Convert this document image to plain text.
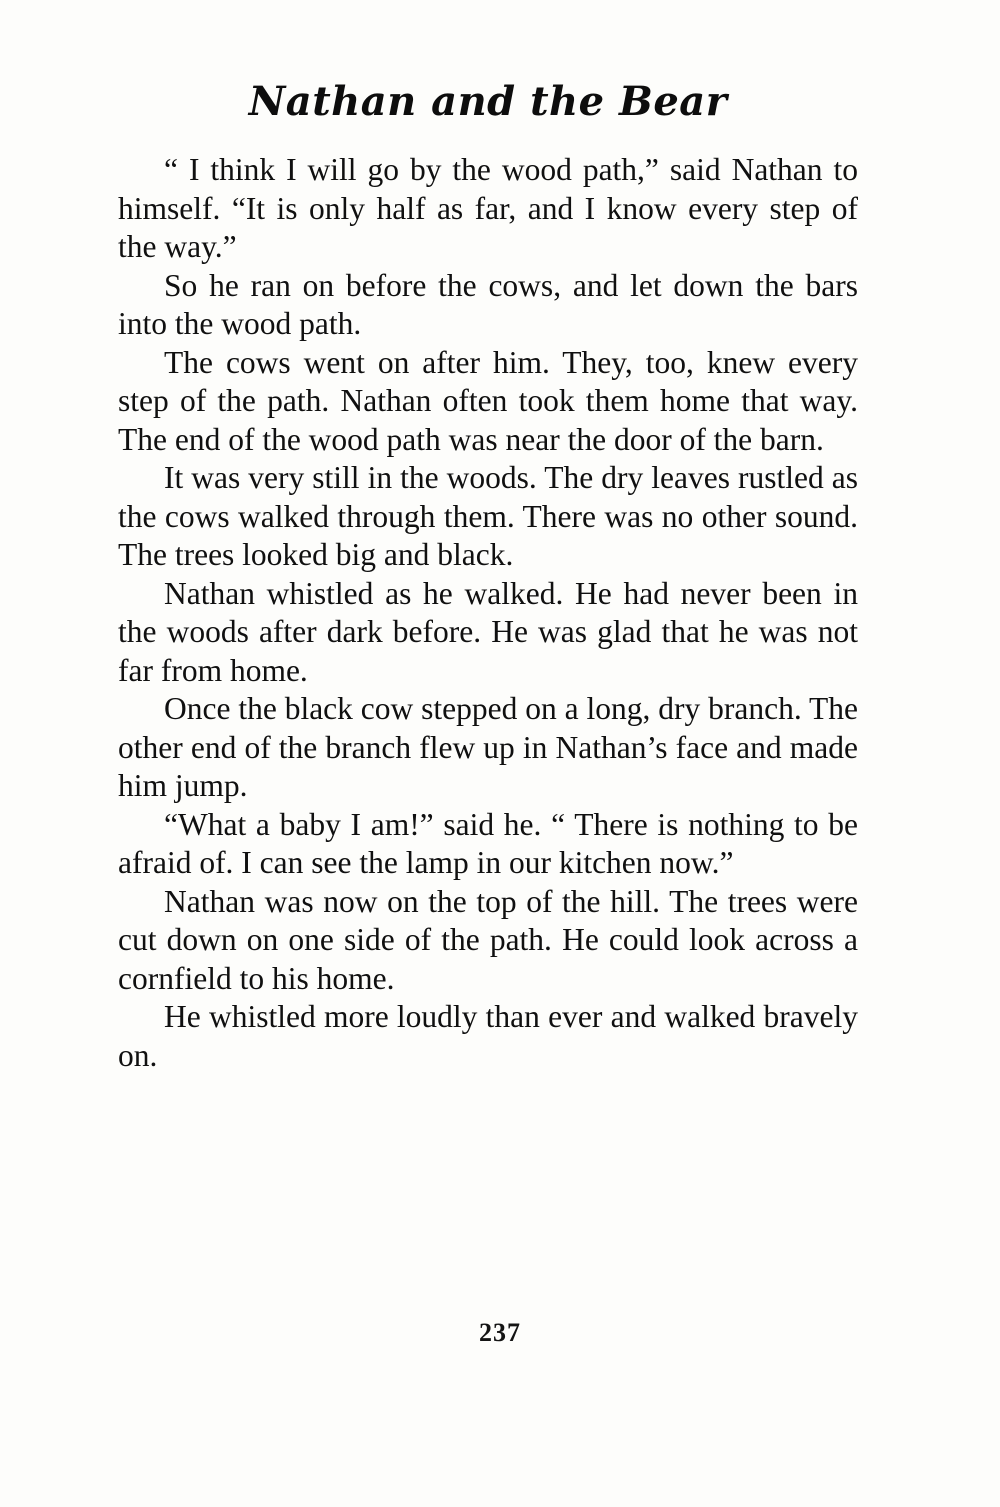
Nathan and the Bear

“ I think I will go by the wood path,” said Nathan to himself. “It is only half as far, and I know every step of the way.”

So he ran on before the cows, and let down the bars into the wood path.

The cows went on after him. They, too, knew every step of the path. Nathan often took them home that way. The end of the wood path was near the door of the barn.

It was very still in the woods. The dry leaves rustled as the cows walked through them. There was no other sound. The trees looked big and black.

Nathan whistled as he walked. He had never been in the woods after dark before. He was glad that he was not far from home.

Once the black cow stepped on a long, dry branch. The other end of the branch flew up in Nathan’s face and made him jump.

“What a baby I am!” said he. “ There is nothing to be afraid of. I can see the lamp in our kitchen now.”

Nathan was now on the top of the hill. The trees were cut down on one side of the path. He could look across a cornfield to his home.

He whistled more loudly than ever and walked bravely on.

237
